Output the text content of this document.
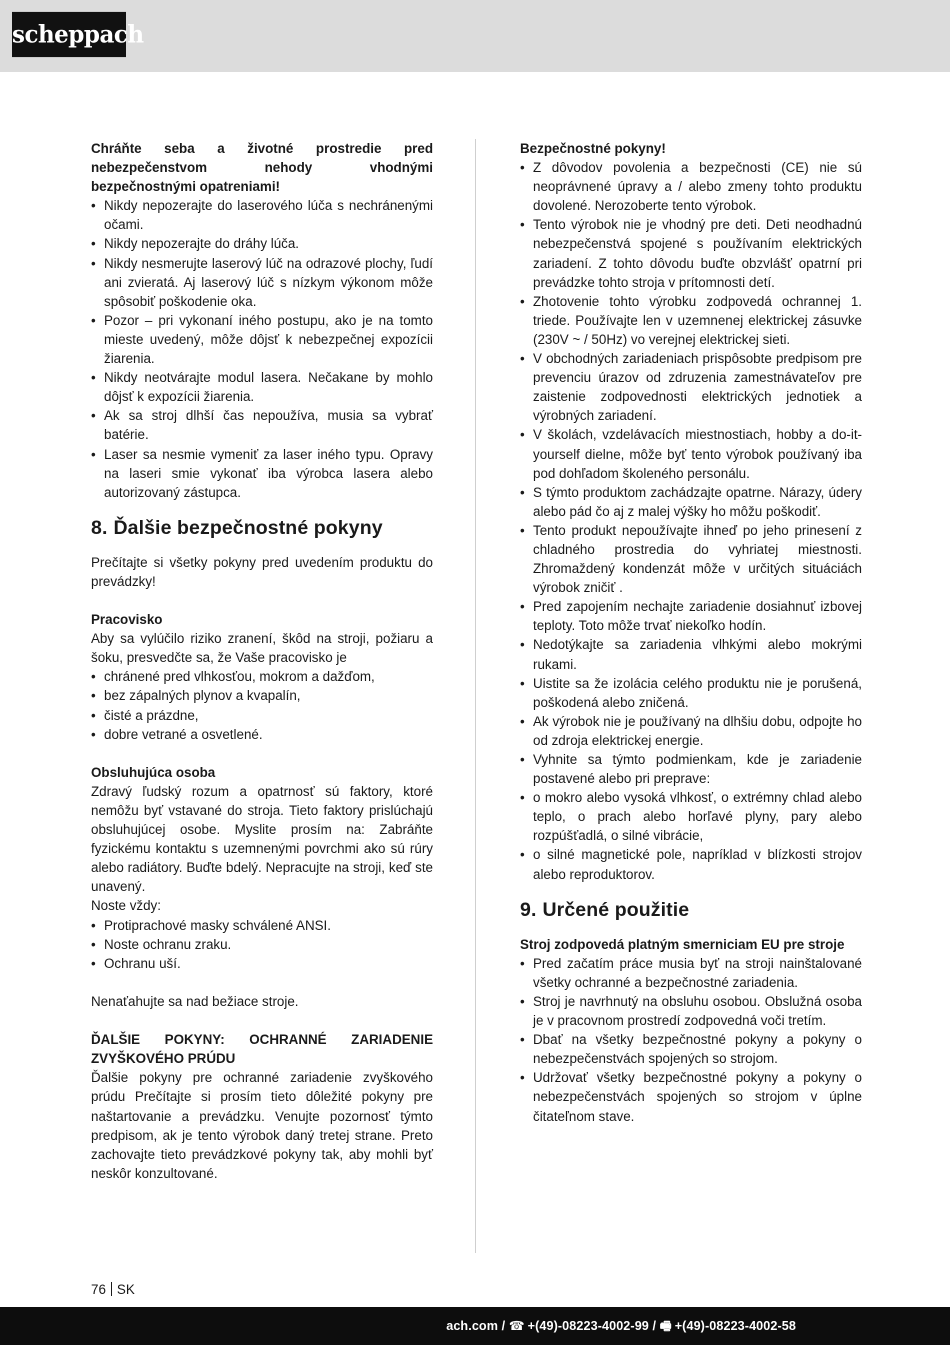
scheppach

Chráňte seba a životné prostredie pred nebezpečenstvom nehody vhodnými bezpečnostnými opatreniami!

• Nikdy nepozerajte do laserového lúča s nechránenými očami.
• Nikdy nepozerajte do dráhy lúča.
• Nikdy nesmerujte laserový lúč na odrazové plochy, ľudí ani zvieratá. Aj laserový lúč s nízkym výkonom môže spôsobiť poškodenie oka.
• Pozor – pri vykonaní iného postupu, ako je na tomto mieste uvedený, môže dôjsť k nebezpečnej expozícii žiarenia.
• Nikdy neotvárajte modul lasera. Nečakane by mohlo dôjsť k expozícii žiarenia.
• Ak sa stroj dlhší čas nepoužíva, musia sa vybrať batérie.
• Laser sa nesmie vymeniť za laser iného typu. Opravy na laseri smie vykonať iba výrobca lasera alebo autorizovaný zástupca.
8. Ďalšie bezpečnostné pokyny

Prečítajte si všetky pokyny pred uvedením produktu do prevádzky!

Pracovisko

Aby sa vylúčilo riziko zranení, škôd na stroji, požiaru a šoku, presvedčte sa, že Vaše pracovisko je

• chránené pred vlhkosťou, mokrom a dažďom,
• bez zápalných plynov a kvapalín,
• čisté a prázdne,
• dobre vetrané a osvetlené.

Obsluhujúca osoba

Zdravý ľudský rozum a opatrnosť sú faktory, ktoré nemôžu byť vstavané do stroja. Tieto faktory prislúchajú obsluhujúcej osobe. Myslite prosím na: Zabráňte fyzickému kontaktu s uzemnenými povrchmi ako sú rúry alebo radiátory. Buďte bdelý. Nepracujte na stroji, keď ste unavený.

Noste vždy:

• Protiprachové masky schválené ANSI.
• Noste ochranu zraku.
• Ochranu uší.

Nenaťahujte sa nad bežiace stroje.

ĎALŠIE POKYNY: OCHRANNÉ ZARIADENIE ZVYŠKOVÉHO PRÚDU

Ďalšie pokyny pre ochranné zariadenie zvyškového prúdu Prečítajte si prosím tieto dôležité pokyny pre naštartovanie a prevádzku. Venujte pozornosť týmto predpisom, ak je tento výrobok daný tretej strane. Preto zachovajte tieto prevádzkové pokyny tak, aby mohli byť neskôr konzultované.

Bezpečnostné pokyny!

• Z dôvodov povolenia a bezpečnosti (CE) nie sú neoprávnené úpravy a / alebo zmeny tohto produktu dovolené. Nerozoberte tento výrobok.
• Tento výrobok nie je vhodný pre deti. Deti neodhadnú nebezpečenstvá spojené s používaním elektrických zariadení. Z tohto dôvodu buďte obzvlášť opatrní pri prevádzke tohto stroja v prítomnosti detí.
• Zhotovenie tohto výrobku zodpovedá ochrannej 1. triede. Používajte len v uzemnenej elektrickej zásuvke (230V ~ / 50Hz) vo verejnej elektrickej sieti.
• V obchodných zariadeniach prispôsobte predpisom pre prevenciu úrazov od zdruzenia zamestnávateľov pre zaistenie zodpovednosti elektrických jednotiek a výrobných zariadení.
• V školách, vzdelávacích miestnostiach, hobby a do-it-yourself dielne, môže byť tento výrobok používaný iba pod dohľadom školeného personálu.
• S týmto produktom zachádzajte opatrne. Nárazy, údery alebo pád čo aj z malej výšky ho môžu poškodiť.
• Tento produkt nepoužívajte ihneď po jeho prinesení z chladného prostredia do vyhriatej miestnosti. Zhromaždený kondenzát môže v určitých situáciách výrobok zničiť .
• Pred zapojením nechajte zariadenie dosiahnuť izbovej teploty. Toto môže trvať niekoľko hodín.
• Nedotýkajte sa zariadenia vlhkými alebo mokrými rukami.
• Uistite sa že izolácia celého produktu nie je porušená, poškodená alebo zničená.
• Ak výrobok nie je používaný na dlhšiu dobu, odpojte ho od zdroja elektrickej energie.
• Vyhnite sa týmto podmienkam, kde je zariadenie postavené alebo pri preprave:
• o mokro alebo vysoká vlhkosť, o extrémny chlad alebo teplo, o prach alebo horľavé plyny, pary alebo rozpúšťadlá, o silné vibrácie,
• o silné magnetické pole, napríklad v blízkosti strojov alebo reproduktorov.
9. Určené použitie

Stroj zodpovedá platným smerniciam EU pre stroje

• Pred začatím práce musia byť na stroji nainštalované všetky ochranné a bezpečnostné zariadenia.
• Stroj je navrhnutý na obsluhu osobou. Obslužná osoba je v pracovnom prostredí zodpovedná voči tretím.
• Dbať na všetky bezpečnostné pokyny a pokyny o nebezpečenstvách spojených so strojom.
• Udržovať všetky bezpečnostné pokyny a pokyny o nebezpečenstvách spojených so strojom v úplne čitateľnom stave.
76 SK
ach.com / ☎ +(49)-08223-4002-99 / 🖷 +(49)-08223-4002-58
